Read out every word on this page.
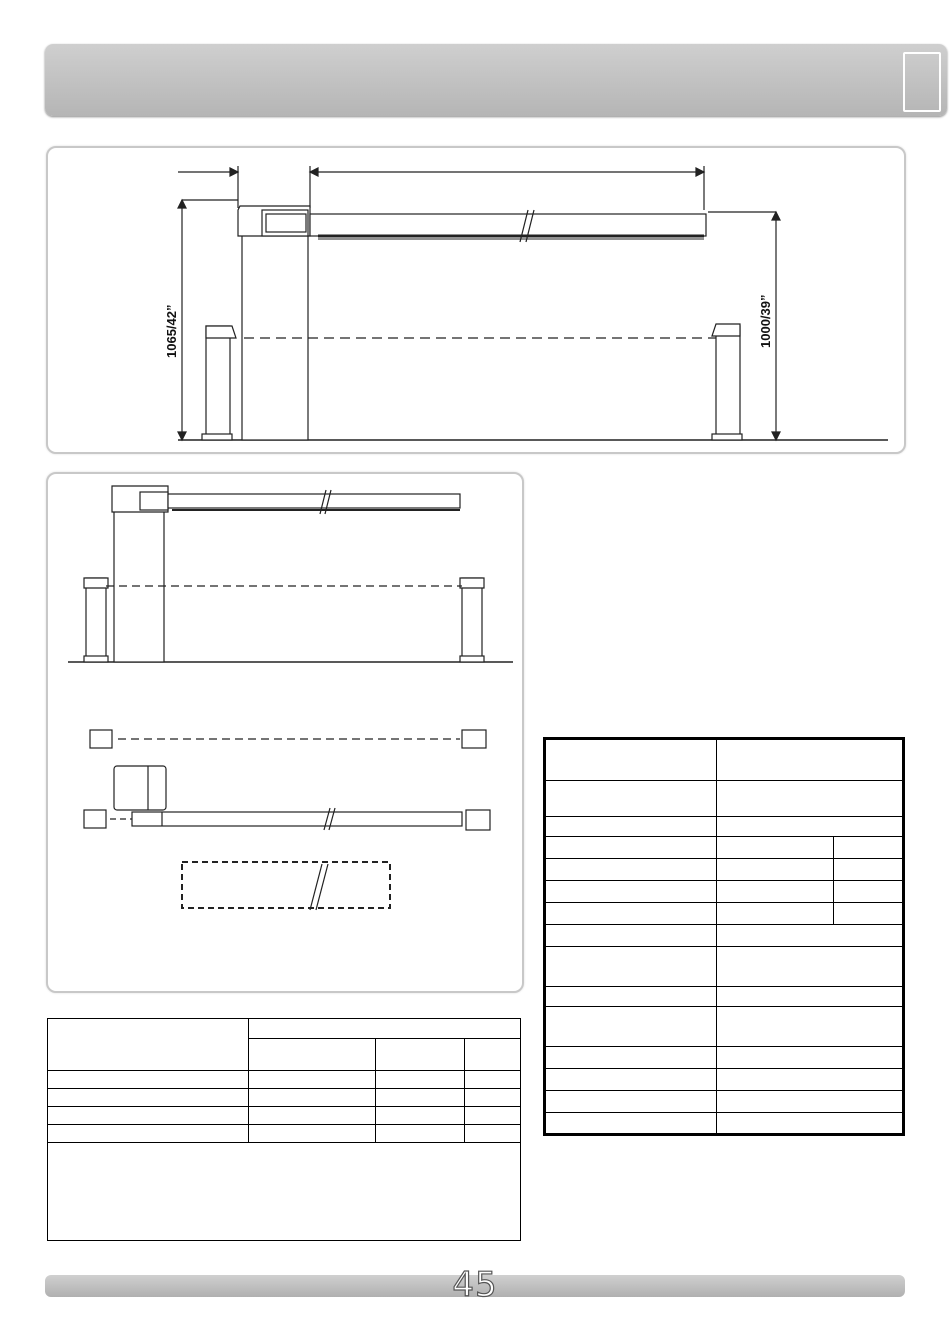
1065/42”	1000/39”

45
